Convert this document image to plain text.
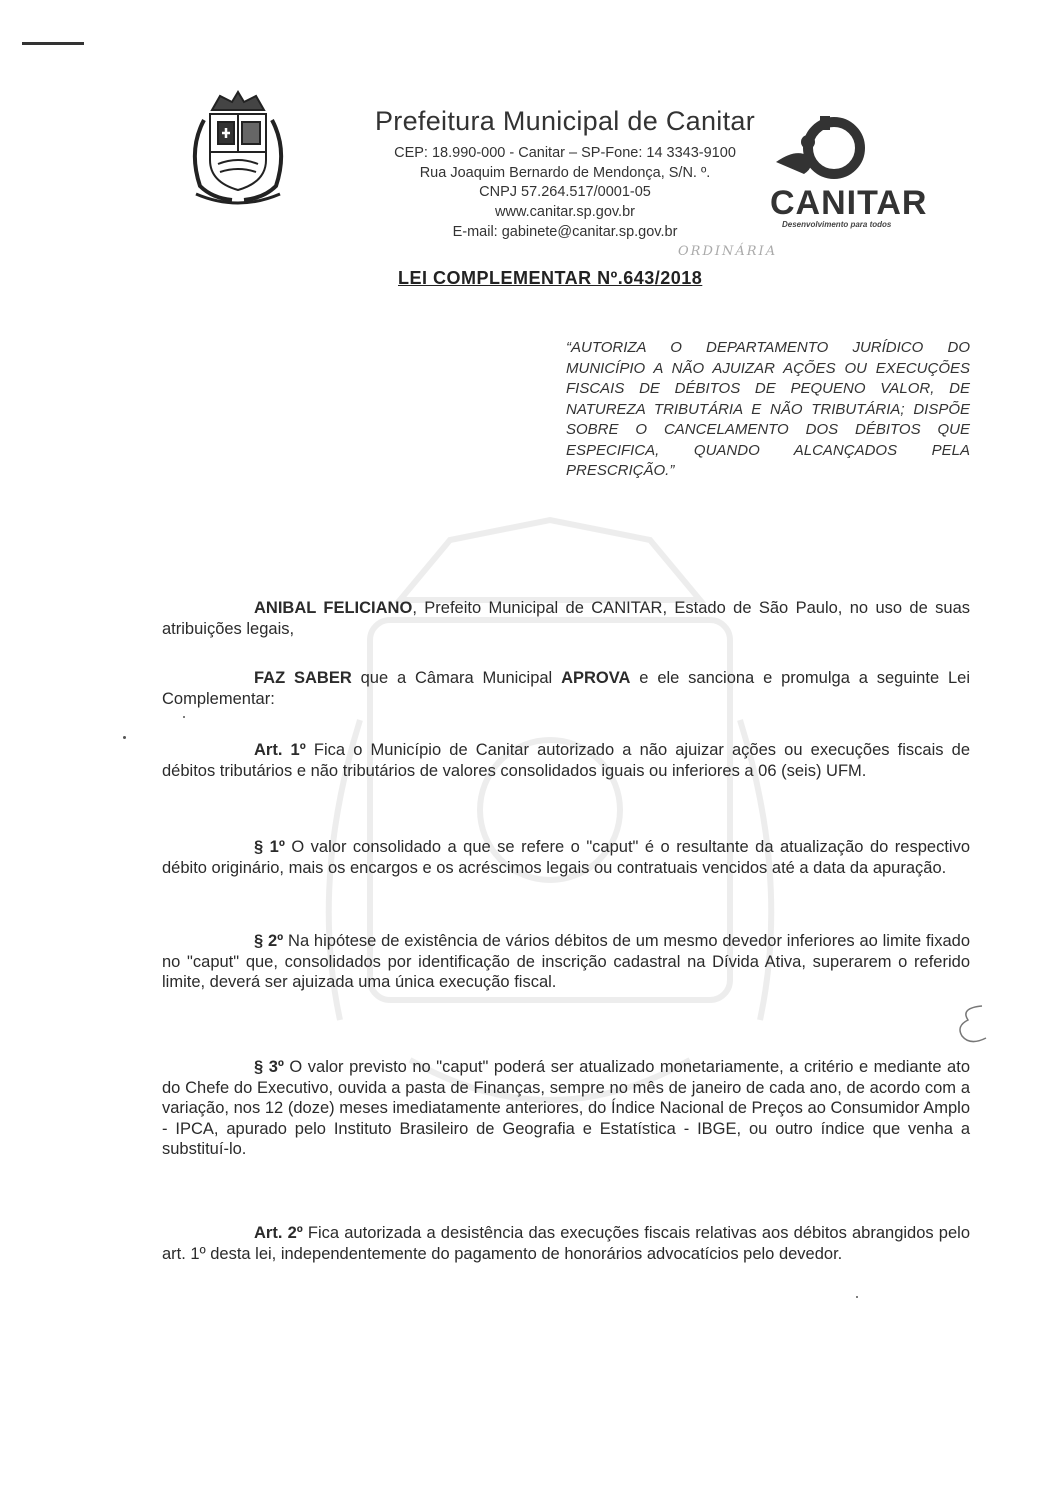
CANITAR
Desenvolvimento para todos
Prefeitura Municipal de Canitar
CEP: 18.990-000 - Canitar – SP-Fone: 14 3343-9100
Rua Joaquim Bernardo de Mendonça, S/N. º.
CNPJ 57.264.517/0001-05
www.canitar.sp.gov.br
E-mail: gabinete@canitar.sp.gov.br
ORDINÁRIA
LEI COMPLEMENTAR Nº.643/2018
“AUTORIZA O DEPARTAMENTO JURÍDICO DO MUNICÍPIO A NÃO AJUIZAR AÇÕES OU EXECUÇÕES FISCAIS DE DÉBITOS DE PEQUENO VALOR, DE NATUREZA TRIBUTÁRIA E NÃO TRIBUTÁRIA; DISPÕE SOBRE O CANCELAMENTO DOS DÉBITOS QUE ESPECIFICA, QUANDO ALCANÇADOS PELA PRESCRIÇÃO.”
ANIBAL FELICIANO, Prefeito Municipal de CANITAR, Estado de São Paulo, no uso de suas atribuições legais,
FAZ SABER que a Câmara Municipal APROVA e ele sanciona e promulga a seguinte Lei Complementar:
Art. 1º Fica o Município de Canitar autorizado a não ajuizar ações ou execuções fiscais de débitos tributários e não tributários de valores consolidados iguais ou inferiores a 06 (seis) UFM.
§ 1º O valor consolidado a que se refere o "caput" é o resultante da atualização do respectivo débito originário, mais os encargos e os acréscimos legais ou contratuais vencidos até a data da apuração.
§ 2º Na hipótese de existência de vários débitos de um mesmo devedor inferiores ao limite fixado no "caput" que, consolidados por identificação de inscrição cadastral na Dívida Ativa, superarem o referido limite, deverá ser ajuizada uma única execução fiscal.
§ 3º O valor previsto no "caput" poderá ser atualizado monetariamente, a critério e mediante ato do Chefe do Executivo, ouvida a pasta de Finanças, sempre no mês de janeiro de cada ano, de acordo com a variação, nos 12 (doze) meses imediatamente anteriores, do Índice Nacional de Preços ao Consumidor Amplo - IPCA, apurado pelo Instituto Brasileiro de Geografia e Estatística - IBGE, ou outro índice que venha a substituí-lo.
Art. 2º Fica autorizada a desistência das execuções fiscais relativas aos débitos abrangidos pelo art. 1º desta lei, independentemente do pagamento de honorários advocatícios pelo devedor.
